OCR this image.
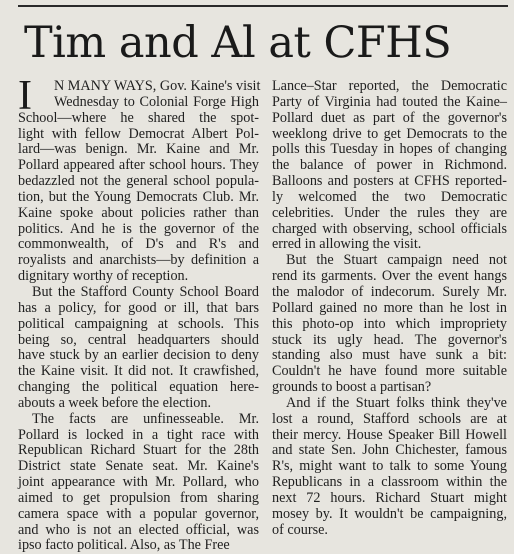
Tim and Al at CFHS
I	N MANY WAYS, Gov. Kaine's visit
Wednesday to Colonial Forge High
School—where he shared the spot-
light with fellow Democrat Albert Pol-
lard—was benign. Mr. Kaine and Mr.
Pollard appeared after school hours. They
bedazzled not the general school popula-
tion, but the Young Democrats Club. Mr.
Kaine spoke about policies rather than
politics. And he is the governor of the
commonwealth, of D's and R's and
royalists and anarchists—by definition a
dignitary worthy of reception.
But the Stafford County School Board
has a policy, for good or ill, that bars
political campaigning at schools. This
being so, central headquarters should
have stuck by an earlier decision to deny
the Kaine visit. It did not. It crawfished,
changing the political equation here-
abouts a week before the election.
The facts are unfinesseable. Mr.
Pollard is locked in a tight race with
Republican Richard Stuart for the 28th
District state Senate seat. Mr. Kaine's
joint appearance with Mr. Pollard, who
aimed to get propulsion from sharing
camera space with a popular governor,
and who is not an elected official, was
ipso facto political. Also, as The Free
Lance–Star reported, the Democratic
Party of Virginia had touted the Kaine–
Pollard duet as part of the governor's
weeklong drive to get Democrats to the
polls this Tuesday in hopes of changing
the balance of power in Richmond.
Balloons and posters at CFHS reported-
ly welcomed the two Democratic
celebrities. Under the rules they are
charged with observing, school officials
erred in allowing the visit.
But the Stuart campaign need not
rend its garments. Over the event hangs
the malodor of indecorum. Surely Mr.
Pollard gained no more than he lost in
this photo-op into which impropriety
stuck its ugly head. The governor's
standing also must have sunk a bit:
Couldn't he have found more suitable
grounds to boost a partisan?
And if the Stuart folks think they've
lost a round, Stafford schools are at
their mercy. House Speaker Bill Howell
and state Sen. John Chichester, famous
R's, might want to talk to some Young
Republicans in a classroom within the
next 72 hours. Richard Stuart might
mosey by. It wouldn't be campaigning,
of course.
